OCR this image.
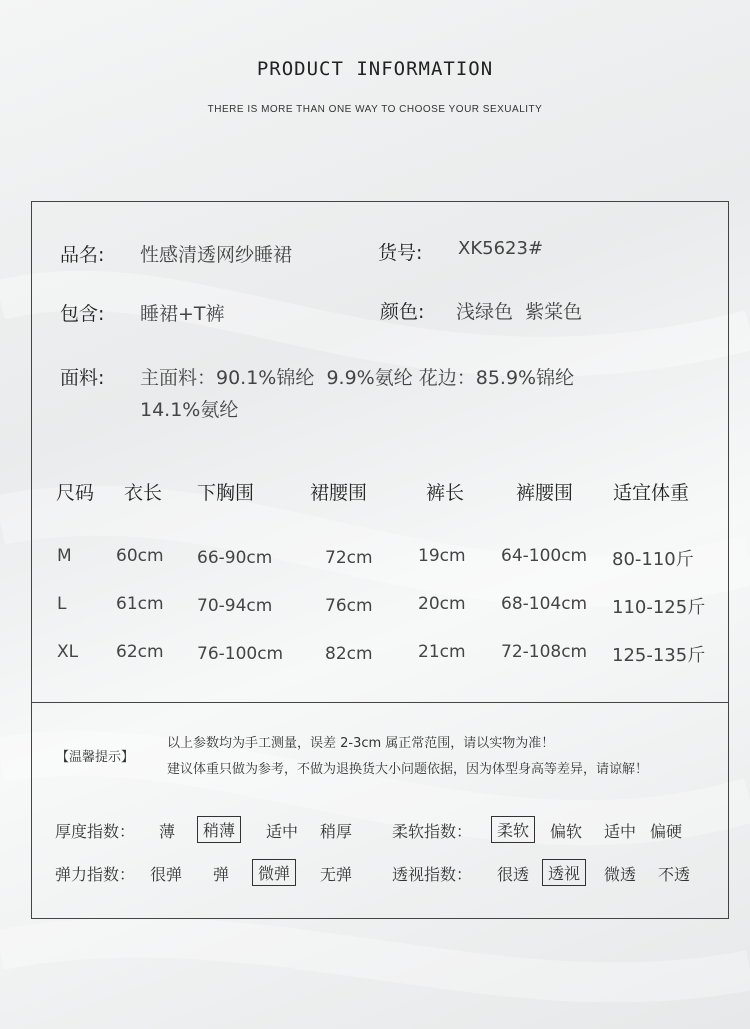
PRODUCT INFORMATION
THERE IS MORE THAN ONE WAY TO CHOOSE YOUR SEXUALITY
品名: 性感清透网纱睡裙	货号: XK5623#
包含: 睡裙+T裤	颜色: 浅绿色  紫棠色
面料: 主面料：90.1%锦纶  9.9%氨纶 花边：85.9%锦纶
14.1%氨纶
尺码 衣长 下胸围	裙腰围	裤长	裤腰围 适宜体重
M	60cm 66-90cm	72cm	19cm 64-100cm 80-110斤
L	61cm 70-94cm	76cm	20cm 68-104cm 110-125斤
XL 62cm 76-100cm 82cm	21cm 72-108cm 125-135斤
【温馨提示】
以上参数均为手工测量，误差 2-3cm 属正常范围，请以实物为准！
建议体重只做为参考，不做为退换货大小问题依据，因为体型身高等差异，请谅解！
厚度指数： 薄	稍薄	适中 稍厚 柔软指数：	柔软	偏软 适中 偏硬
弹力指数： 很弹 弹	微弹	无弹 透视指数： 很透	透视	微透 不透
